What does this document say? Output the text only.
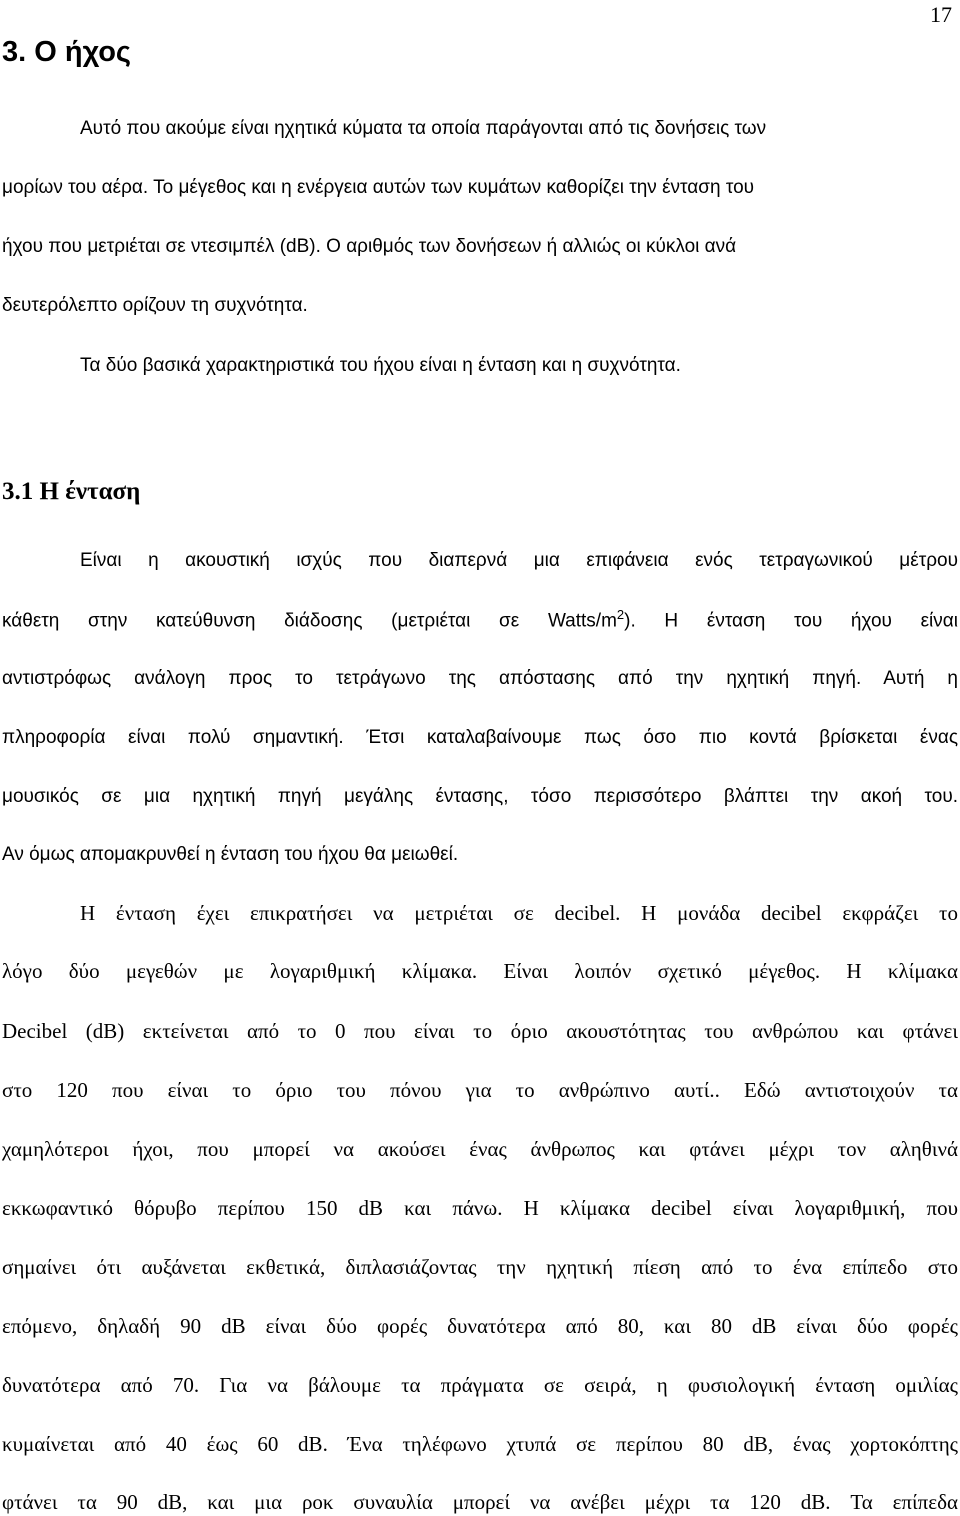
17
3. Ο ήχος
Αυτό που ακούμε είναι ηχητικά κύματα τα οποία παράγονται από τις δονήσεις των
μορίων του αέρα. Το μέγεθος και η ενέργεια αυτών των κυμάτων καθορίζει την ένταση του
ήχου που μετριέται σε ντεσιμπέλ (dB). Ο αριθμός των δονήσεων ή αλλιώς οι κύκλοι ανά
δευτερόλεπτο ορίζουν τη συχνότητα.
Τα δύο βασικά χαρακτηριστικά του ήχου είναι η ένταση και η συχνότητα.
3.1 Η ένταση
Είναι η ακουστική ισχύς που διαπερνά μια επιφάνεια ενός τετραγωνικού μέτρου
κάθετη στην κατεύθυνση διάδοσης (μετριέται σε Watts/$m^2$). Η ένταση του ήχου είναι
αντιστρόφως ανάλογη προς το τετράγωνο της απόστασης από την ηχητική πηγή. Αυτή η
πληροφορία είναι πολύ σημαντική. Έτσι καταλαβαίνουμε πως όσο πιο κοντά βρίσκεται ένας
μουσικός σε μια ηχητική πηγή μεγάλης έντασης, τόσο περισσότερο βλάπτει την ακοή του.
Αν όμως απομακρυνθεί η ένταση του ήχου θα μειωθεί.
Η ένταση έχει επικρατήσει να μετριέται σε decibel. Η μονάδα decibel εκφράζει το
λόγο δύο μεγεθών με λογαριθμική κλίμακα. Είναι λοιπόν σχετικό μέγεθος. Η κλίμακα
Decibel (dB) εκτείνεται από το 0 που είναι το όριο ακουστότητας του ανθρώπου και φτάνει
στο 120 που είναι το όριο του πόνου για το ανθρώπινο αυτί.. Εδώ αντιστοιχούν τα
χαμηλότεροι ήχοι, που μπορεί να ακούσει ένας άνθρωπος και φτάνει μέχρι τον αληθινά
εκκωφαντικό θόρυβο περίπου 150 dB και πάνω. Η κλίμακα decibel είναι λογαριθμική, που
σημαίνει ότι αυξάνεται εκθετικά, διπλασιάζοντας την ηχητική πίεση από το ένα επίπεδο στο
επόμενο, δηλαδή 90 dB είναι δύο φορές δυνατότερα από 80, και 80 dB είναι δύο φορές
δυνατότερα από 70. Για να βάλουμε τα πράγματα σε σειρά, η φυσιολογική ένταση ομιλίας
κυμαίνεται από 40 έως 60 dB. Ένα τηλέφωνο χτυπά σε περίπου 80 dB, ένας χορτοκόπτης
φτάνει τα 90 dB, και μια ροκ συναυλία μπορεί να ανέβει μέχρι τα 120 dB. Τα επίπεδα
